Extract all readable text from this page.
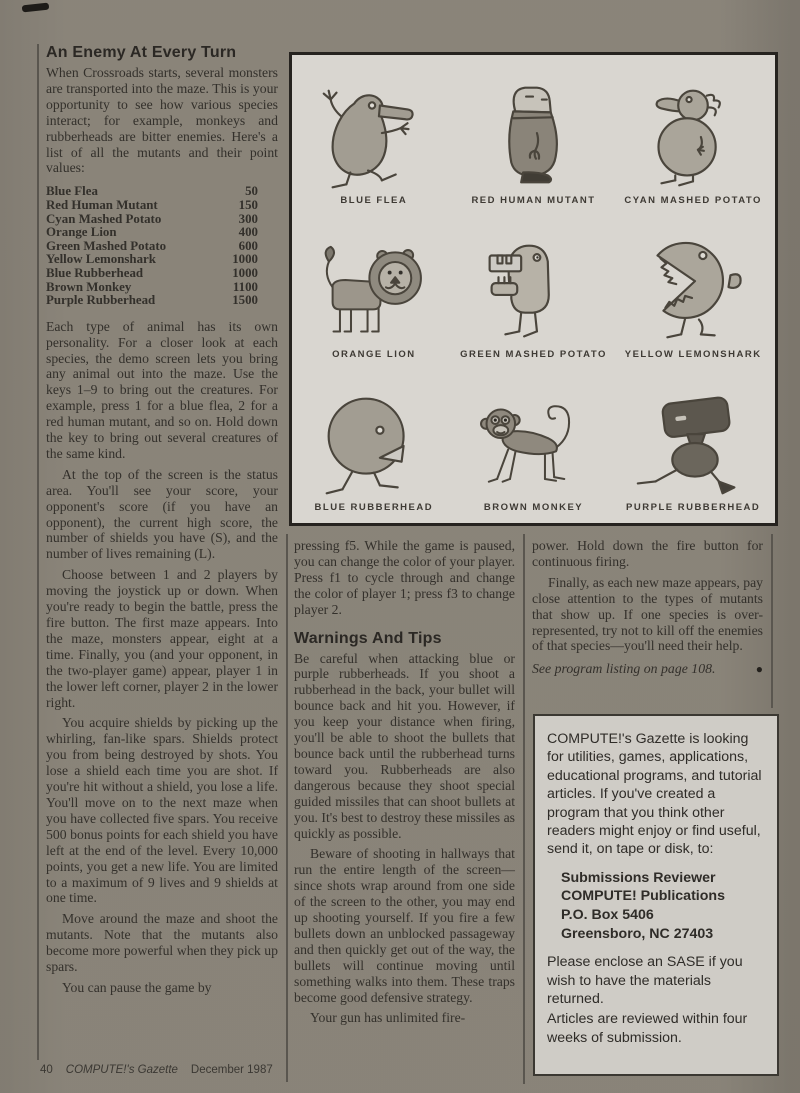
An Enemy At Every Turn

When Crossroads starts, several monsters are transported into the maze. This is your opportunity to see how various species interact; for example, monkeys and rubberheads are bitter enemies. Here's a list of all the mutants and their point values:

Blue Flea	50
Red Human Mutant	150
Cyan Mashed Potato	300
Orange Lion	400
Green Mashed Potato	600
Yellow Lemonshark	1000
Blue Rubberhead	1000
Brown Monkey	1100
Purple Rubberhead	1500

Each type of animal has its own personality. For a closer look at each species, the demo screen lets you bring any animal out into the maze. Use the keys 1–9 to bring out the creatures. For example, press 1 for a blue flea, 2 for a red human mutant, and so on. Hold down the key to bring out several creatures of the same kind.

At the top of the screen is the status area. You'll see your score, your opponent's score (if you have an opponent), the current high score, the number of shields you have (S), and the number of lives remaining (L).

Choose between 1 and 2 players by moving the joystick up or down. When you're ready to begin the battle, press the fire button. The first maze appears. Into the maze, monsters appear, eight at a time. Finally, you (and your opponent, in the two-player game) appear, player 1 in the lower left corner, player 2 in the lower right.

You acquire shields by picking up the whirling, fan-like spars. Shields protect you from being destroyed by shots. You lose a shield each time you are shot. If you're hit without a shield, you lose a life. You'll move on to the next maze when you have collected five spars. You receive 500 bonus points for each shield you have left at the end of the level. Every 10,000 points, you get a new life. You are limited to a maximum of 9 lives and 9 shields at one time.

Move around the maze and shoot the mutants. Note that the mutants also become more powerful when they pick up spars.

You can pause the game by

BLUE FLEA	RED HUMAN MUTANT	CYAN MASHED POTATO
ORANGE LION	GREEN MASHED POTATO YELLOW LEMONSHARK
BLUE RUBBERHEAD	BROWN MONKEY	PURPLE RUBBERHEAD

pressing f5. While the game is paused, you can change the color of your player. Press f1 to cycle through and change the color of player 1; press f3 to change player 2.

Warnings And Tips

Be careful when attacking blue or purple rubberheads. If you shoot a rubberhead in the back, your bullet will bounce back and hit you. However, if you keep your distance when firing, you'll be able to shoot the bullets that bounce back until the rubberhead turns toward you. Rubberheads are also dangerous because they shoot special guided missiles that can shoot bullets at you. It's best to destroy these missiles as quickly as possible.

Beware of shooting in hallways that run the entire length of the screen—since shots wrap around from one side of the screen to the other, you may end up shooting yourself. If you fire a few bullets down an unblocked passageway and then quickly get out of the way, the bullets will continue moving until something walks into them. These traps become good defensive strategy.

Your gun has unlimited fire-

power. Hold down the fire button for continuous firing.

Finally, as each new maze appears, pay close attention to the types of mutants that show up. If one species is over-represented, try not to kill off the enemies of that species—you'll need their help.

See program listing on page 108.	●

COMPUTE!'s Gazette is looking for utilities, games, applications, educational programs, and tutorial articles. If you've created a program that you think other readers might enjoy or find useful, send it, on tape or disk, to:

Submissions Reviewer
COMPUTE! Publications
P.O. Box 5406
Greensboro, NC 27403

Please enclose an SASE if you wish to have the materials returned.

Articles are reviewed within four weeks of submission.

40 COMPUTE!'s Gazette December 1987
